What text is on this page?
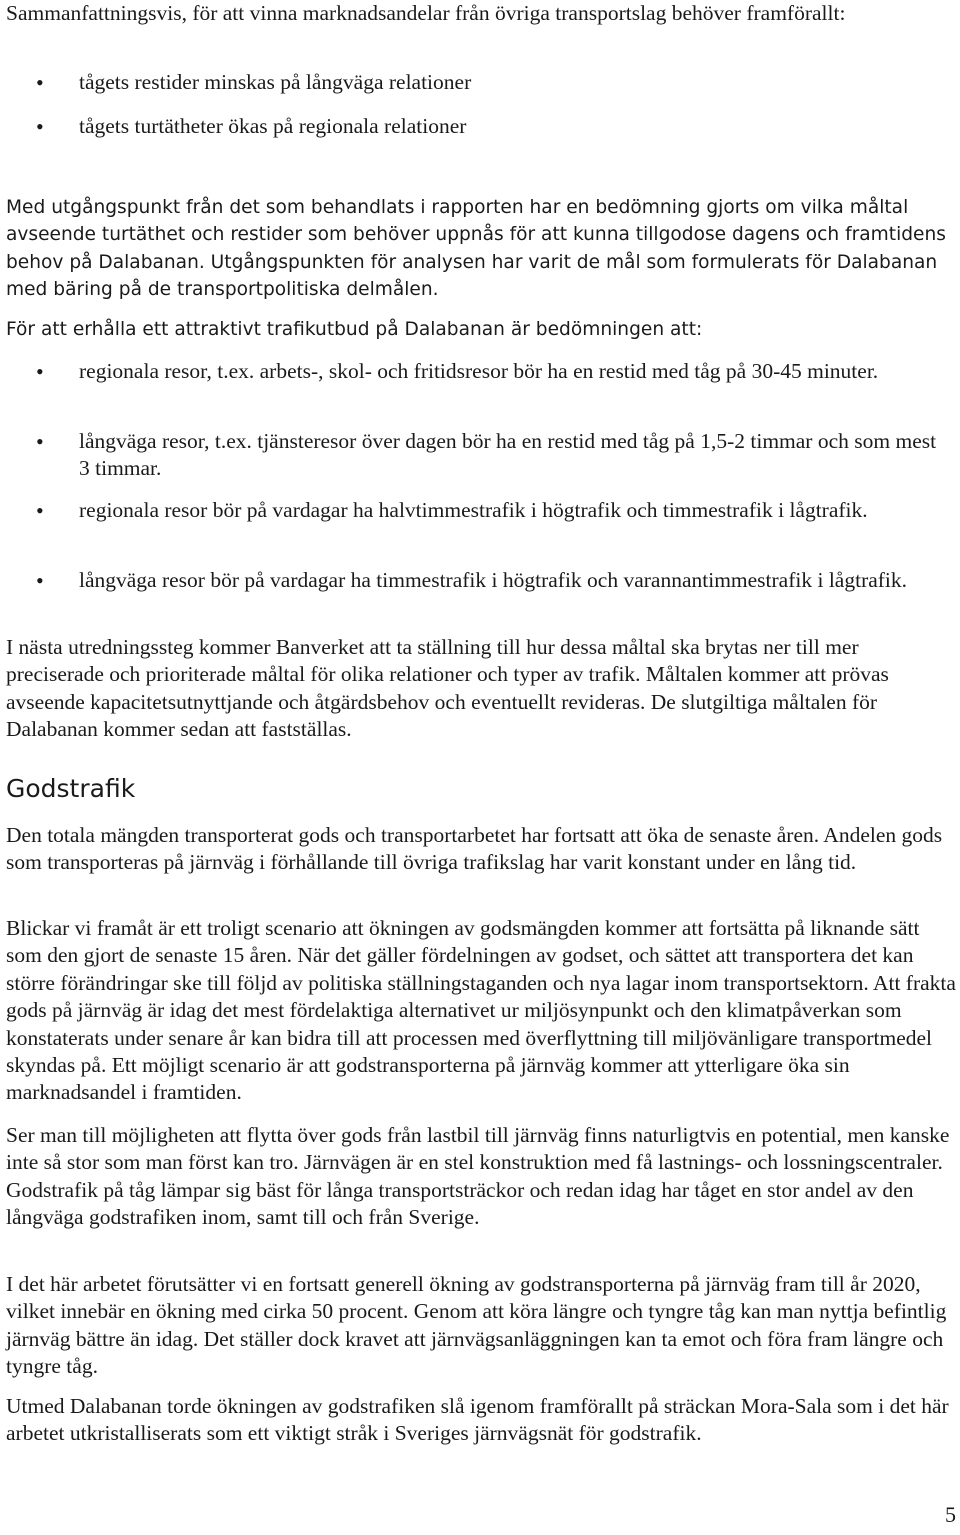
Sammanfattningsvis, för att vinna marknadsandelar från övriga transportslag behöver framförallt:

• tågets restider minskas på långväga relationer

• tågets turtätheter ökas på regionala relationer

Med utgångspunkt från det som behandlats i rapporten har en bedömning gjorts om vilka måltal avseende turtäthet och restider som behöver uppnås för att kunna tillgodose dagens och framtidens behov på Dalabanan. Utgångspunkten för analysen har varit de mål som formulerats för Dalabanan med bäring på de transportpolitiska delmålen.

För att erhålla ett attraktivt trafikutbud på Dalabanan är bedömningen att:

• regionala resor, t.ex. arbets-, skol- och fritidsresor bör ha en restid med tåg på 30-45 minuter.

• långväga resor, t.ex. tjänsteresor över dagen bör ha en restid med tåg på 1,5-2 timmar och som mest 3 timmar.

• regionala resor bör på vardagar ha halvtimmestrafik i högtrafik och timmestrafik i lågtrafik.

• långväga resor bör på vardagar ha timmestrafik i högtrafik och varannantimmestrafik i lågtrafik.

I nästa utredningssteg kommer Banverket att ta ställning till hur dessa måltal ska brytas ner till mer preciserade och prioriterade måltal för olika relationer och typer av trafik. Måltalen kommer att prövas avseende kapacitetsutnyttjande och åtgärdsbehov och eventuellt revideras. De slutgiltiga måltalen för Dalabanan kommer sedan att fastställas.

Godstrafik

Den totala mängden transporterat gods och transportarbetet har fortsatt att öka de senaste åren. Andelen gods som transporteras på järnväg i förhållande till övriga trafikslag har varit konstant under en lång tid.

Blickar vi framåt är ett troligt scenario att ökningen av godsmängden kommer att fortsätta på liknande sätt som den gjort de senaste 15 åren. När det gäller fördelningen av godset, och sättet att transportera det kan större förändringar ske till följd av politiska ställningstaganden och nya lagar inom transportsektorn. Att frakta gods på järnväg är idag det mest fördelaktiga alternativet ur miljösynpunkt och den klimatpåverkan som konstaterats under senare år kan bidra till att processen med överflyttning till miljövänligare transportmedel skyndas på. Ett möjligt scenario är att godstransporterna på järnväg kommer att ytterligare öka sin marknadsandel i framtiden.

Ser man till möjligheten att flytta över gods från lastbil till järnväg finns naturligtvis en potential, men kanske inte så stor som man först kan tro. Järnvägen är en stel konstruktion med få lastnings- och lossningscentraler. Godstrafik på tåg lämpar sig bäst för långa transportsträckor och redan idag har tåget en stor andel av den långväga godstrafiken inom, samt till och från Sverige.

I det här arbetet förutsätter vi en fortsatt generell ökning av godstransporterna på järnväg fram till år 2020, vilket innebär en ökning med cirka 50 procent. Genom att köra längre och tyngre tåg kan man nyttja befintlig järnväg bättre än idag. Det ställer dock kravet att järnvägsanläggningen kan ta emot och föra fram längre och tyngre tåg.

Utmed Dalabanan torde ökningen av godstrafiken slå igenom framförallt på sträckan Mora-Sala som i det här arbetet utkristalliserats som ett viktigt stråk i Sveriges järnvägsnät för godstrafik.

5
